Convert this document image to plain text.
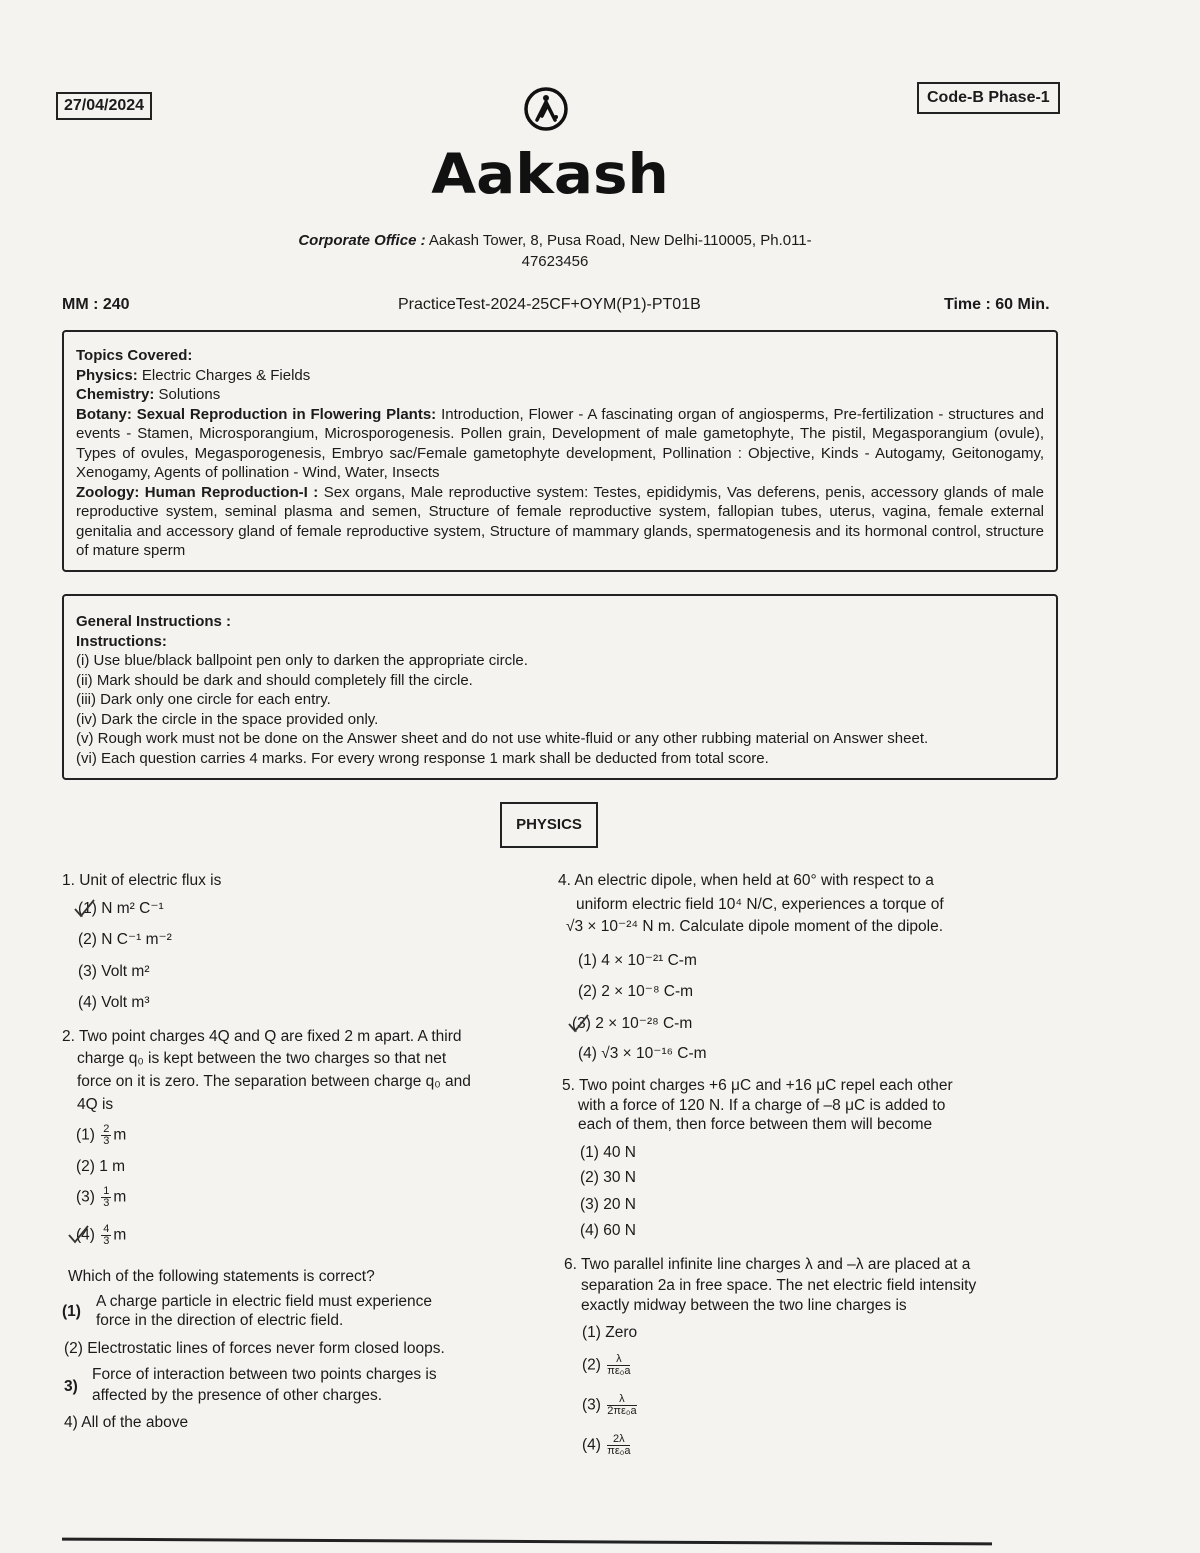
27/04/2024	Code-B Phase-1
Aakash
Corporate Office : Aakash Tower, 8, Pusa Road, New Delhi-110005, Ph.011-
47623456
MM : 240	PracticeTest-2024-25CF+OYM(P1)-PT01B	Time : 60 Min.

Topics Covered:

Physics: Electric Charges & Fields

Chemistry: Solutions

Botany: Sexual Reproduction in Flowering Plants: Introduction, Flower - A fascinating organ of angiosperms, Pre-fertilization - structures and events - Stamen, Microsporangium, Microsporogenesis. Pollen grain, Development of male gametophyte, The pistil, Megasporangium (ovule), Types of ovules, Megasporogenesis, Embryo sac/Female gametophyte development, Pollination : Objective, Kinds - Autogamy, Geitonogamy, Xenogamy, Agents of pollination - Wind, Water, Insects

Zoology: Human Reproduction-I : Sex organs, Male reproductive system: Testes, epididymis, Vas deferens, penis, accessory glands of male reproductive system, seminal plasma and semen, Structure of female reproductive system, fallopian tubes, uterus, vagina, female external genitalia and accessory gland of female reproductive system, Structure of mammary glands, spermatogenesis and its hormonal control, structure of mature sperm

General Instructions :

Instructions:

(i) Use blue/black ballpoint pen only to darken the appropriate circle.

(ii) Mark should be dark and should completely fill the circle.

(iii) Dark only one circle for each entry.

(iv) Dark the circle in the space provided only.

(v) Rough work must not be done on the Answer sheet and do not use white-fluid or any other rubbing material on Answer sheet.

(vi) Each question carries 4 marks. For every wrong response 1 mark shall be deducted from total score.

PHYSICS
1. Unit of electric flux is
(1) N m² C⁻¹
(2) N C⁻¹ m⁻²
(3) Volt m²
(4) Volt m³
2. Two point charges 4Q and Q are fixed 2 m apart. A third
charge q₀ is kept between the two charges so that net
force on it is zero. The separation between charge q₀ and
4Q is
$(1) \frac{2}{3}$ m
(2) 1 m
$(3) \frac{1}{3}$ m
$(4) \frac{4}{3}$ m
Which of the following statements is correct?
(1)
A charge particle in electric field must experience
force in the direction of electric field.
(2) Electrostatic lines of forces never form closed loops.
3)
Force of interaction between two points charges is
affected by the presence of other charges.
4) All of the above
4. An electric dipole, when held at 60° with respect to a
uniform electric field 10⁴ N/C, experiences a torque of
√3 × 10⁻²⁴ N m. Calculate dipole moment of the dipole.
(1) 4 × 10⁻²¹ C-m
(2) 2 × 10⁻⁸ C-m
(3) 2 × 10⁻²⁸ C-m
(4) √3 × 10⁻¹⁶ C-m
5. Two point charges +6 μC and +16 μC repel each other
with a force of 120 N. If a charge of –8 μC is added to
each of them, then force between them will become
(1) 40 N
(2) 30 N
(3) 20 N
(4) 60 N
6. Two parallel infinite line charges λ and –λ are placed at a
separation 2a in free space. The net electric field intensity
exactly midway between the two line charges is
(1) Zero
$(2) \frac{\lambda}{\text{πε₀a}}$
$(3) \frac{\lambda}{\text{2πε₀a}}$
$(4) \frac{2\lambda}{\text{πε₀a}}$
